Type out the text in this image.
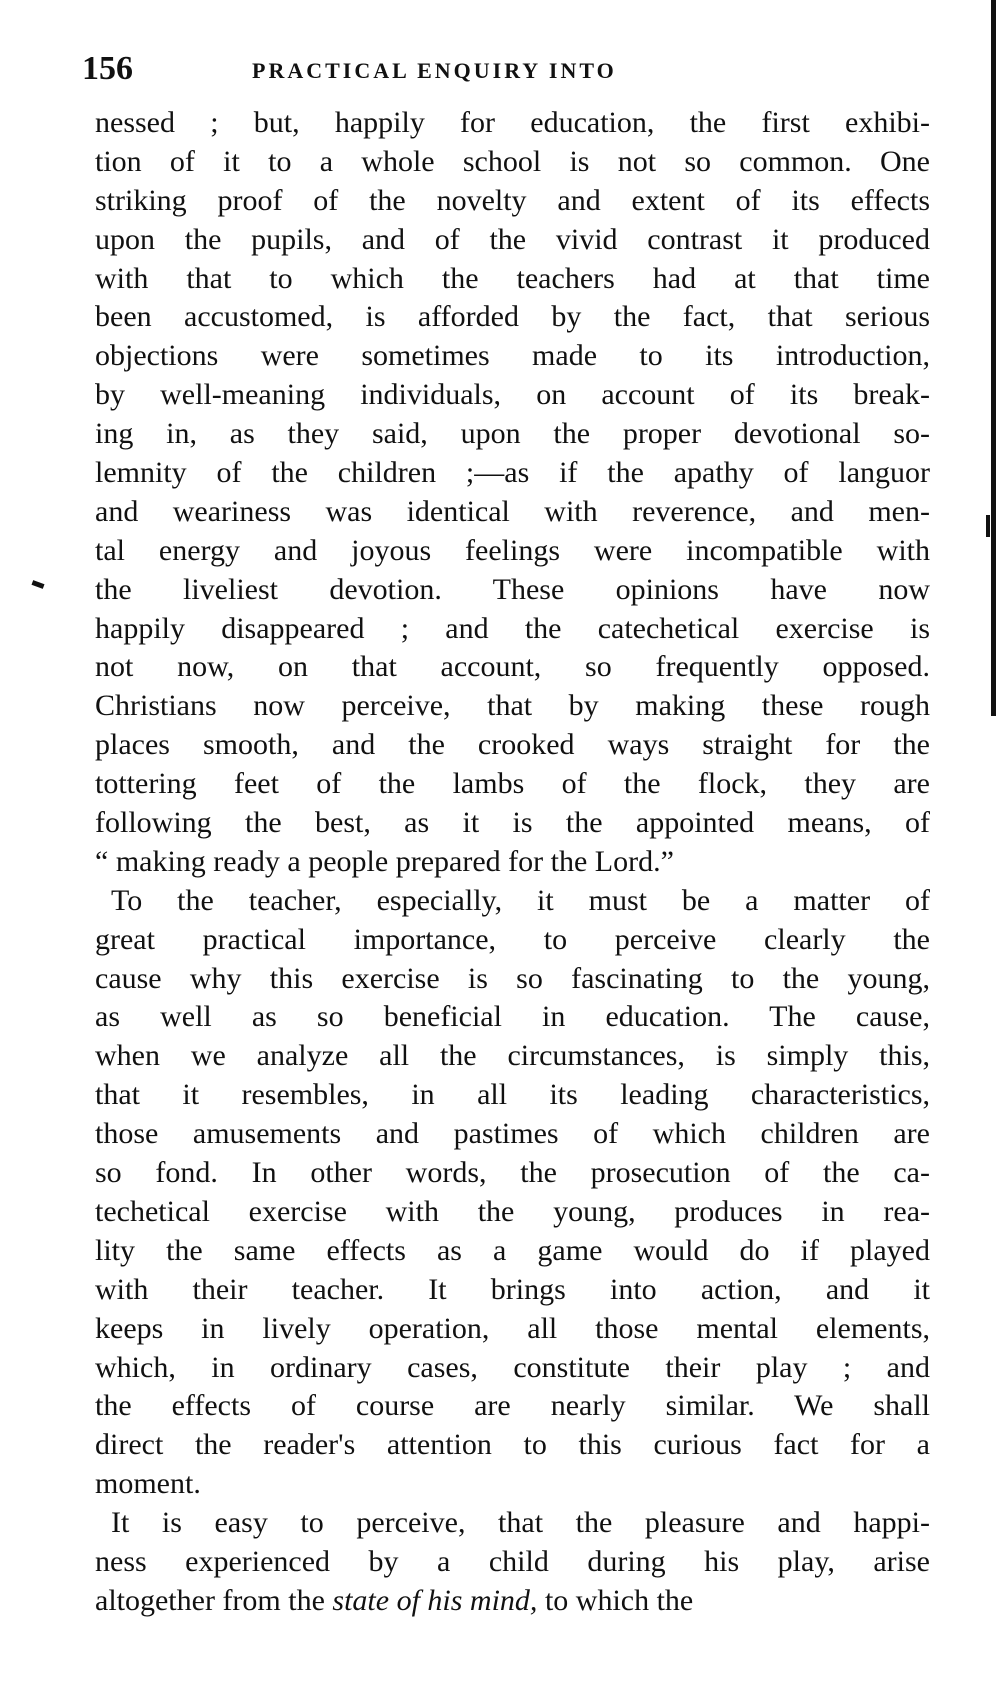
156	PRACTICAL ENQUIRY INTO
nessed ; but, happily for education, the first exhibi-
tion of it to a whole school is not so common. One
striking proof of the novelty and extent of its effects
upon the pupils, and of the vivid contrast it produced
with that to which the teachers had at that time
been accustomed, is afforded by the fact, that serious
objections were sometimes made to its introduction,
by well-meaning individuals, on account of its break-
ing in, as they said, upon the proper devotional so-
lemnity of the children ;—as if the apathy of languor
and weariness was identical with reverence, and men-
tal energy and joyous feelings were incompatible with
the liveliest devotion. These opinions have now
happily disappeared ; and the catechetical exercise is
not now, on that account, so frequently opposed.
Christians now perceive, that by making these rough
places smooth, and the crooked ways straight for the
tottering feet of the lambs of the flock, they are
following the best, as it is the appointed means, of
“ making ready a people prepared for the Lord.”
To the teacher, especially, it must be a matter of
great practical importance, to perceive clearly the
cause why this exercise is so fascinating to the young,
as well as so beneficial in education. The cause,
when we analyze all the circumstances, is simply this,
that it resembles, in all its leading characteristics,
those amusements and pastimes of which children are
so fond. In other words, the prosecution of the ca-
techetical exercise with the young, produces in rea-
lity the same effects as a game would do if played
with their teacher. It brings into action, and it
keeps in lively operation, all those mental elements,
which, in ordinary cases, constitute their play ; and
the effects of course are nearly similar. We shall
direct the reader's attention to this curious fact for a
moment.
It is easy to perceive, that the pleasure and happi-
ness experienced by a child during his play, arise
altogether from the state of his mind, to which the
